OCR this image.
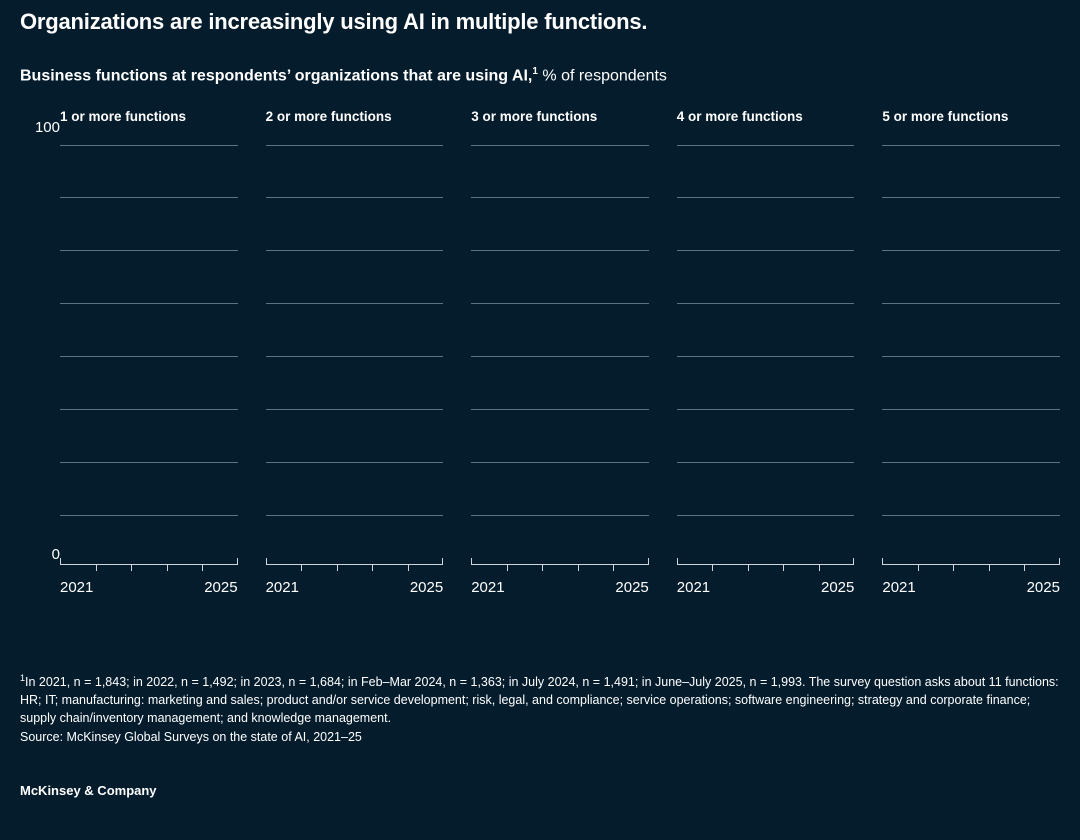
Organizations are increasingly using AI in multiple functions.
Business functions at respondents’ organizations that are using AI,$^1$ % of respondents
100
0
1 or more functions
2021	2025
2 or more functions
2021	2025
3 or more functions
2021	2025
4 or more functions
2021	2025
5 or more functions
2021	2025
$^1$In 2021, n = 1,843; in 2022, n = 1,492; in 2023, n = 1,684; in Feb–Mar 2024, n = 1,363; in July 2024, n = 1,491; in June–July 2025, n = 1,993. The survey question asks about 11 functions: HR; IT; manufacturing: marketing and sales; product and/or service development; risk, legal, and compliance; service operations; software engineering; strategy and corporate finance; supply chain/inventory management; and knowledge management.
Source: McKinsey Global Surveys on the state of AI, 2021–25
McKinsey & Company
